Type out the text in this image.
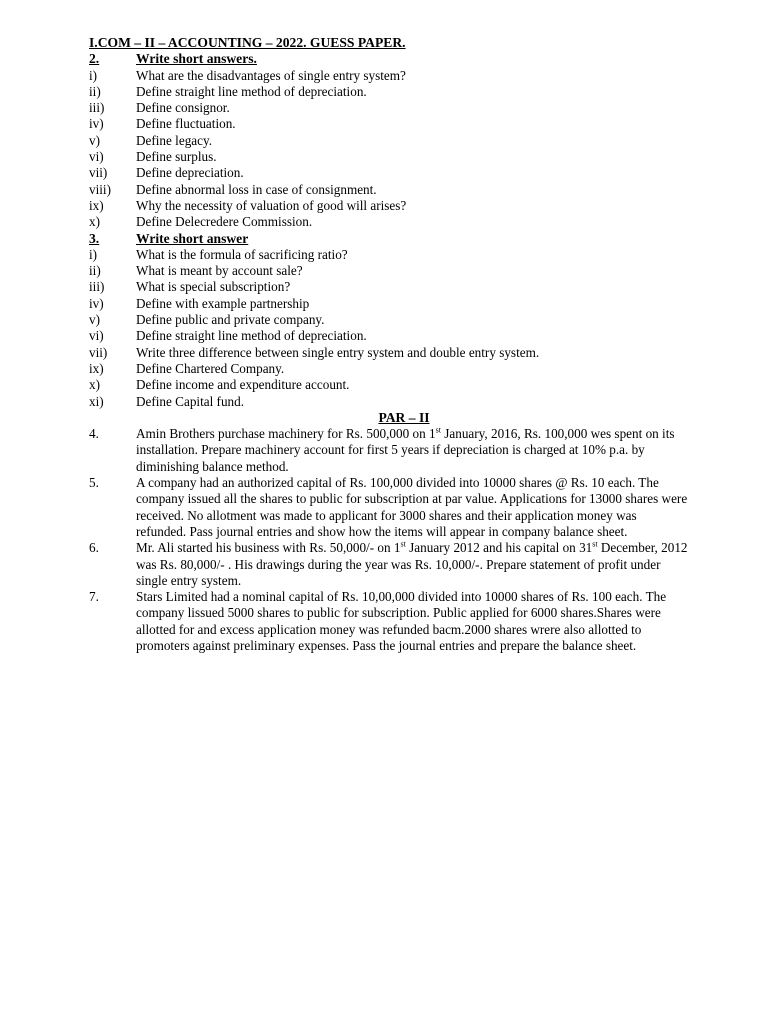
I.COM – II – ACCOUNTING – 2022. GUESS PAPER.
2.	Write short answers.
i)	What are the disadvantages of single entry system?
ii)	Define straight line method of depreciation.
iii)	Define consignor.
iv)	Define fluctuation.
v)	Define legacy.
vi)	Define surplus.
vii)	Define depreciation.
viii)	Define abnormal loss in case of consignment.
ix)	Why the necessity of valuation of good will arises?
x)	Define Delecredere Commission.
3.	Write short answer
i)	What is the formula of sacrificing ratio?
ii)	What is meant by account sale?
iii)	What is special subscription?
iv)	Define with example partnership
v)	Define public and private company.
vi)	Define straight line method of depreciation.
vii)	Write three difference between single entry system and double entry system.
ix)	Define Chartered Company.
x)	Define income and expenditure account.
xi)	Define Capital fund.
PAR – II
4.	Amin Brothers purchase machinery for Rs. 500,000 on 1st January, 2016, Rs. 100,000 wes spent on its installation. Prepare machinery account for first 5 years if depreciation is charged at 10% p.a. by diminishing balance method.
5.	A company had an authorized capital of Rs. 100,000 divided into 10000 shares @ Rs. 10 each. The company issued all the shares to public for subscription at par value. Applications for 13000 shares were received. No allotment was made to applicant for 3000 shares and their application money was refunded. Pass journal entries and show how the items will appear in company balance sheet.
6.	Mr. Ali started his business with Rs. 50,000/- on 1st January 2012 and his capital on 31st December, 2012 was Rs. 80,000/- . His drawings during the year was Rs. 10,000/-. Prepare statement of profit under single entry system.
7.	Stars Limited had a nominal capital of Rs. 10,00,000 divided into 10000 shares of Rs. 100 each. The company lissued 5000 shares to public for subscription. Public applied for 6000 shares.Shares were allotted for and excess application money was refunded bacm.2000 shares wrere also allotted to promoters against preliminary expenses. Pass the journal entries and prepare the balance sheet.
